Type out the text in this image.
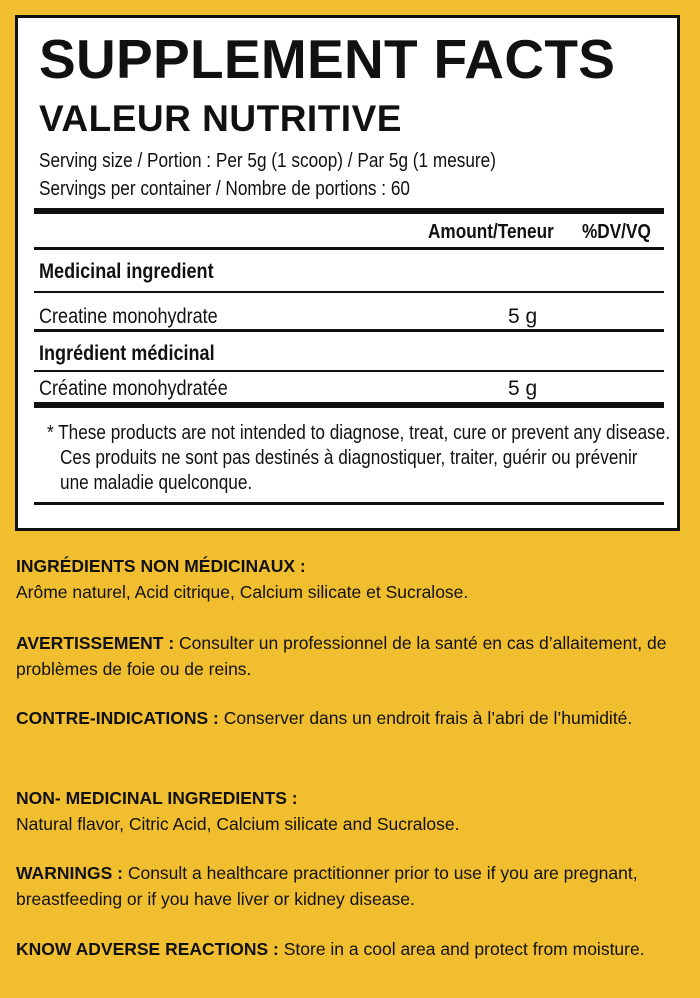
SUPPLEMENT FACTS
VALEUR NUTRITIVE
Serving size / Portion : Per 5g (1 scoop) / Par 5g (1 mesure)
Servings per container / Nombre de portions : 60
Amount/Teneur %DV/VQ
Medicinal ingredient
Creatine monohydrate	5 g
Ingrédient médicinal
Créatine monohydratée	5 g
* These products are not intended to diagnose, treat, cure or prevent any disease.
Ces produits ne sont pas destinés à diagnostiquer, traiter, guérir ou prévenir
une maladie quelconque.
INGRÉDIENTS NON MÉDICINAUX :
Arôme naturel, Acid citrique, Calcium silicate et Sucralose.
AVERTISSEMENT : Consulter un professionnel de la santé en cas d’allaitement, de problèmes de foie ou de reins.
CONTRE-INDICATIONS : Conserver dans un endroit frais à l’abri de l’humidité.
NON- MEDICINAL INGREDIENTS :
Natural flavor, Citric Acid, Calcium silicate and Sucralose.
WARNINGS : Consult a healthcare practitionner prior to use if you are pregnant, breastfeeding or if you have liver or kidney disease.
KNOW ADVERSE REACTIONS : Store in a cool area and protect from moisture.
